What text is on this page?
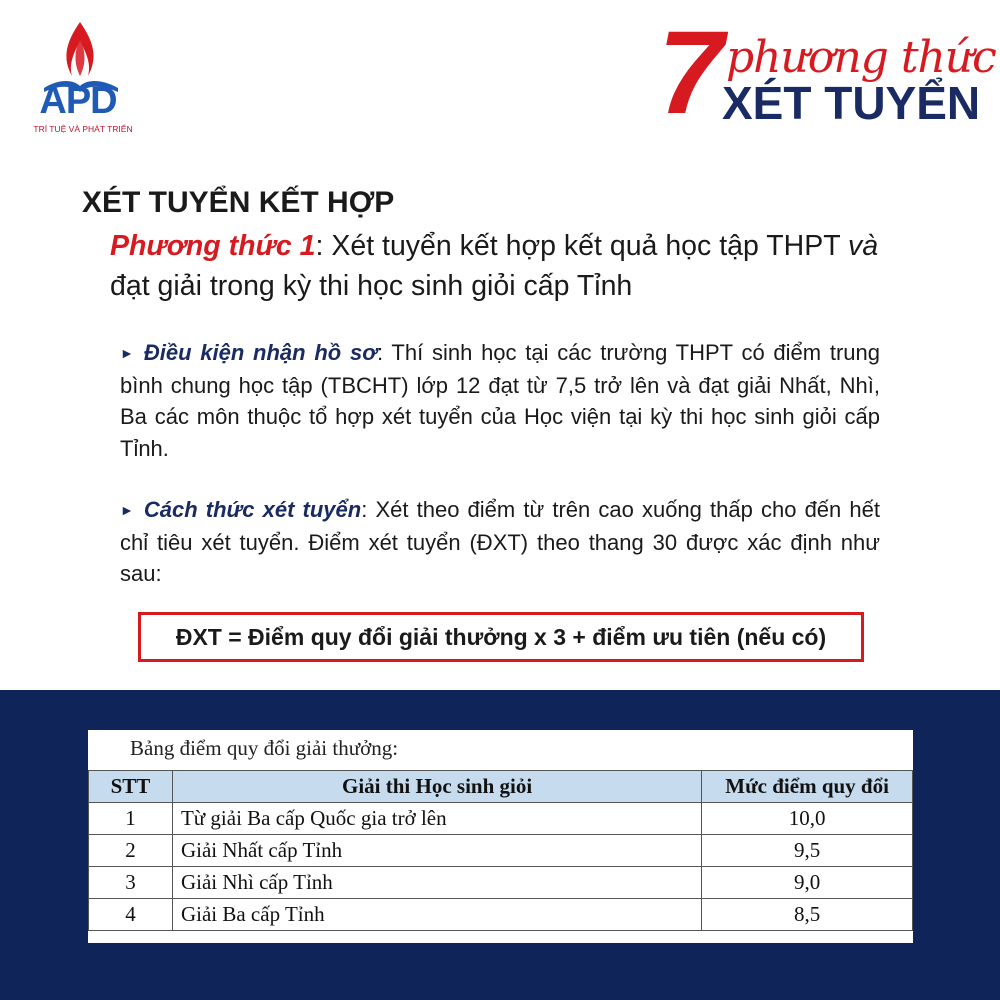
APD
TRÍ TUỆ VÀ PHÁT TRIỂN	7 phương thức
XÉT TUYỂN
XÉT TUYỂN KẾT HỢP
Phương thức 1: Xét tuyển kết hợp kết quả học tập THPT và đạt giải trong kỳ thi học sinh giỏi cấp Tỉnh
► Điều kiện nhận hồ sơ: Thí sinh học tại các trường THPT có điểm trung bình chung học tập (TBCHT) lớp 12 đạt từ 7,5 trở lên và đạt giải Nhất, Nhì, Ba các môn thuộc tổ hợp xét tuyển của Học viện tại kỳ thi học sinh giỏi cấp Tỉnh.
► Cách thức xét tuyển: Xét theo điểm từ trên cao xuống thấp cho đến hết chỉ tiêu xét tuyển. Điểm xét tuyển (ĐXT) theo thang 30 được xác định như sau:
ĐXT = Điểm quy đổi giải thưởng x 3 + điểm ưu tiên (nếu có)
Bảng điểm quy đổi giải thưởng:
STT	Giải thi Học sinh giỏi	Mức điểm quy đổi
1	Từ giải Ba cấp Quốc gia trở lên	10,0
2	Giải Nhất cấp Tỉnh	9,5
3	Giải Nhì cấp Tỉnh	9,0
4	Giải Ba cấp Tỉnh	8,5
